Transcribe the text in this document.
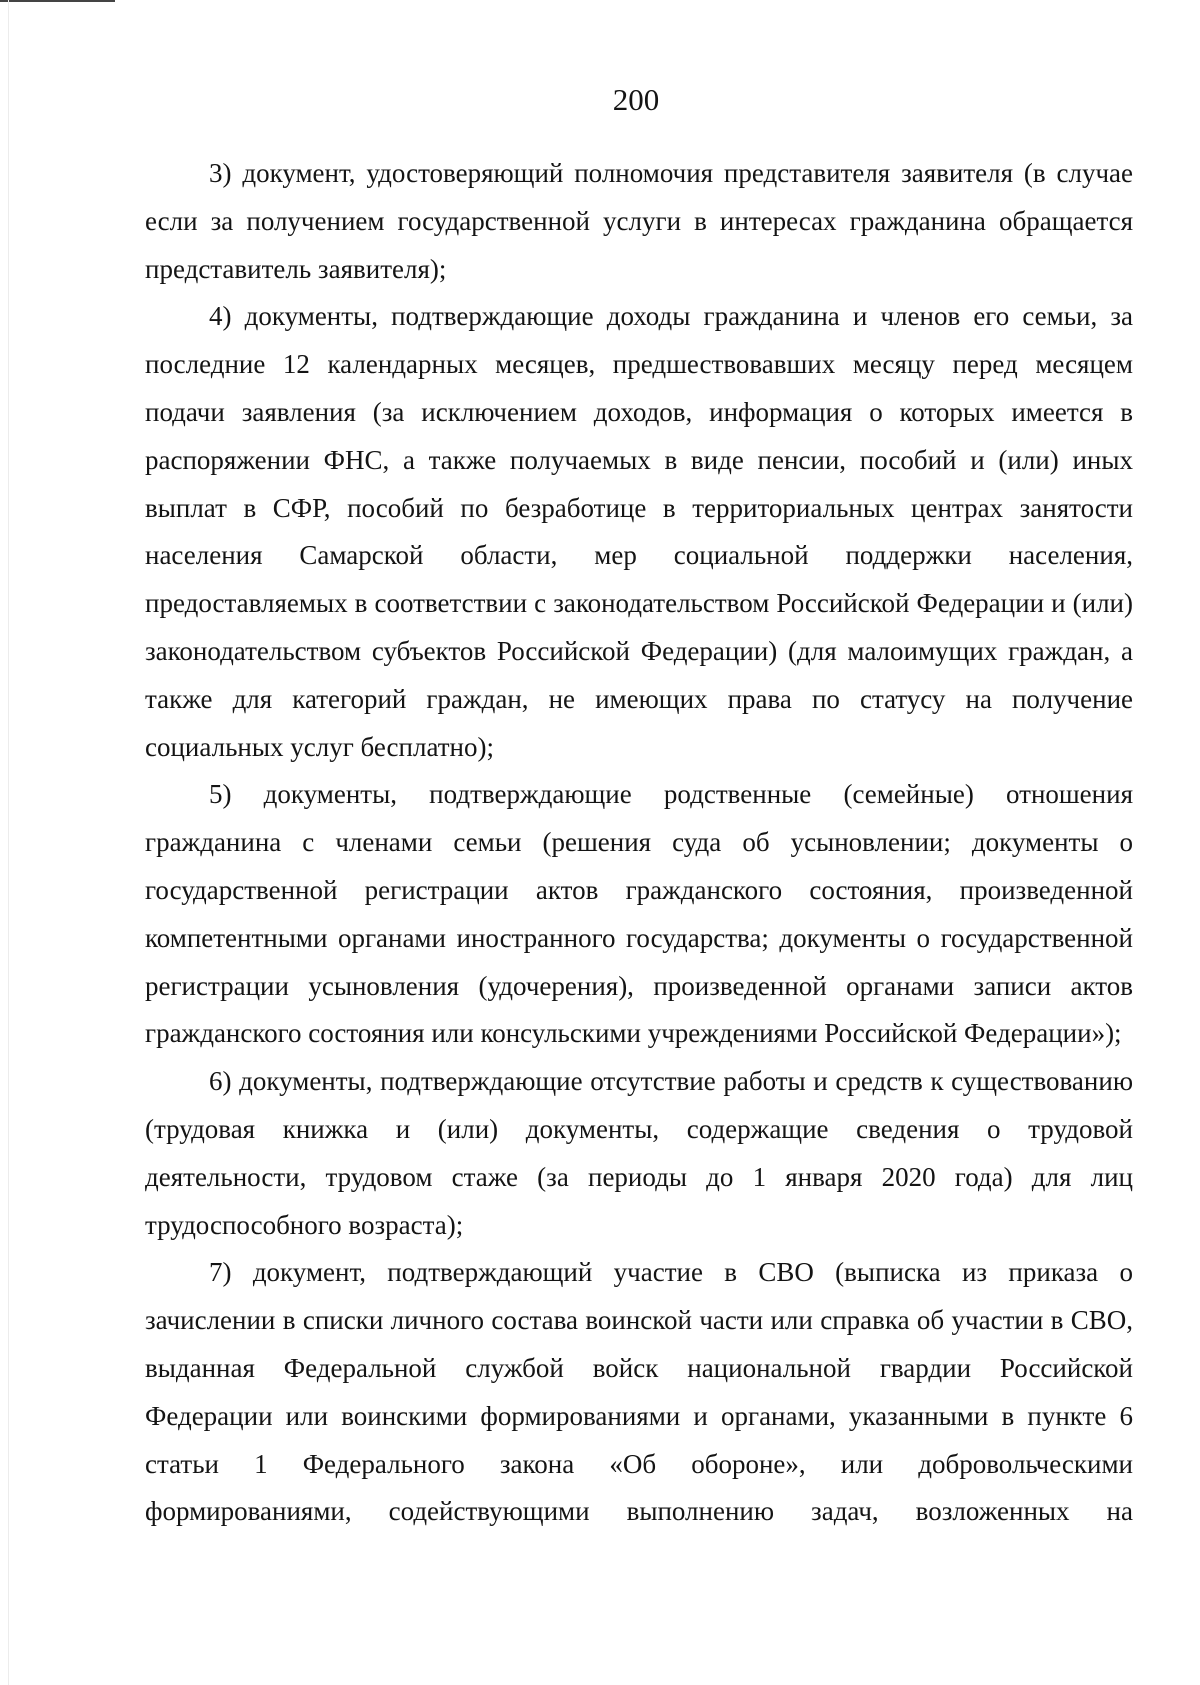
200

3) документ, удостоверяющий полномочия представителя заявителя (в случае если за получением государственной услуги в интересах гражданина обращается представитель заявителя);

4) документы, подтверждающие доходы гражданина и членов его семьи, за последние 12 календарных месяцев, предшествовавших месяцу перед месяцем подачи заявления (за исключением доходов, информация о которых имеется в распоряжении ФНС, а также получаемых в виде пенсии, пособий и (или) иных выплат в СФР, пособий по безработице в территориальных центрах занятости населения Самарской области, мер социальной поддержки населения, предоставляемых в соответствии с законодательством Российской Федерации и (или) законодательством субъектов Российской Федерации) (для малоимущих граждан, а также для категорий граждан, не имеющих права по статусу на получение социальных услуг бесплатно);

5) документы, подтверждающие родственные (семейные) отношения гражданина с членами семьи (решения суда об усыновлении; документы о государственной регистрации актов гражданского состояния, произведенной компетентными органами иностранного государства; документы о государственной регистрации усыновления (удочерения), произведенной органами записи актов гражданского состояния или консульскими учреждениями Российской Федерации»);

6) документы, подтверждающие отсутствие работы и средств к существованию (трудовая книжка и (или) документы, содержащие сведения о трудовой деятельности, трудовом стаже (за периоды до 1 января 2020 года) для лиц трудоспособного возраста);

7) документ, подтверждающий участие в СВО (выписка из приказа о зачислении в списки личного состава воинской части или справка об участии в СВО, выданная Федеральной службой войск национальной гвардии Российской Федерации или воинскими формированиями и органами, указанными в пункте 6 статьи 1 Федерального закона «Об обороне», или добровольческими формированиями, содействующими выполнению задач, возложенных на
